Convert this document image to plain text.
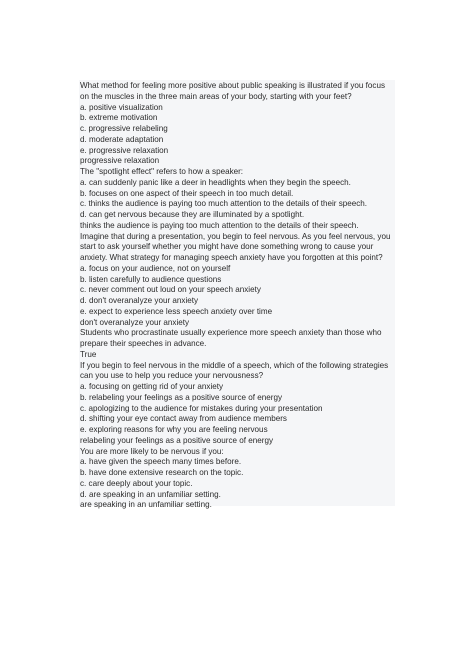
What method for feeling more positive about public speaking is illustrated if you focus
on the muscles in the three main areas of your body, starting with your feet?
a. positive visualization
b. extreme motivation
c. progressive relabeling
d. moderate adaptation
e. progressive relaxation
progressive relaxation
The "spotlight effect" refers to how a speaker:
a. can suddenly panic like a deer in headlights when they begin the speech.
b. focuses on one aspect of their speech in too much detail.
c. thinks the audience is paying too much attention to the details of their speech.
d. can get nervous because they are illuminated by a spotlight.
thinks the audience is paying too much attention to the details of their speech.
Imagine that during a presentation, you begin to feel nervous. As you feel nervous, you
start to ask yourself whether you might have done something wrong to cause your
anxiety. What strategy for managing speech anxiety have you forgotten at this point?
a. focus on your audience, not on yourself
b. listen carefully to audience questions
c. never comment out loud on your speech anxiety
d. don't overanalyze your anxiety
e. expect to experience less speech anxiety over time
don't overanalyze your anxiety
Students who procrastinate usually experience more speech anxiety than those who
prepare their speeches in advance.
True
If you begin to feel nervous in the middle of a speech, which of the following strategies
can you use to help you reduce your nervousness?
a. focusing on getting rid of your anxiety
b. relabeling your feelings as a positive source of energy
c. apologizing to the audience for mistakes during your presentation
d. shifting your eye contact away from audience members
e. exploring reasons for why you are feeling nervous
relabeling your feelings as a positive source of energy
You are more likely to be nervous if you:
a. have given the speech many times before.
b. have done extensive research on the topic.
c. care deeply about your topic.
d. are speaking in an unfamiliar setting.
are speaking in an unfamiliar setting.
